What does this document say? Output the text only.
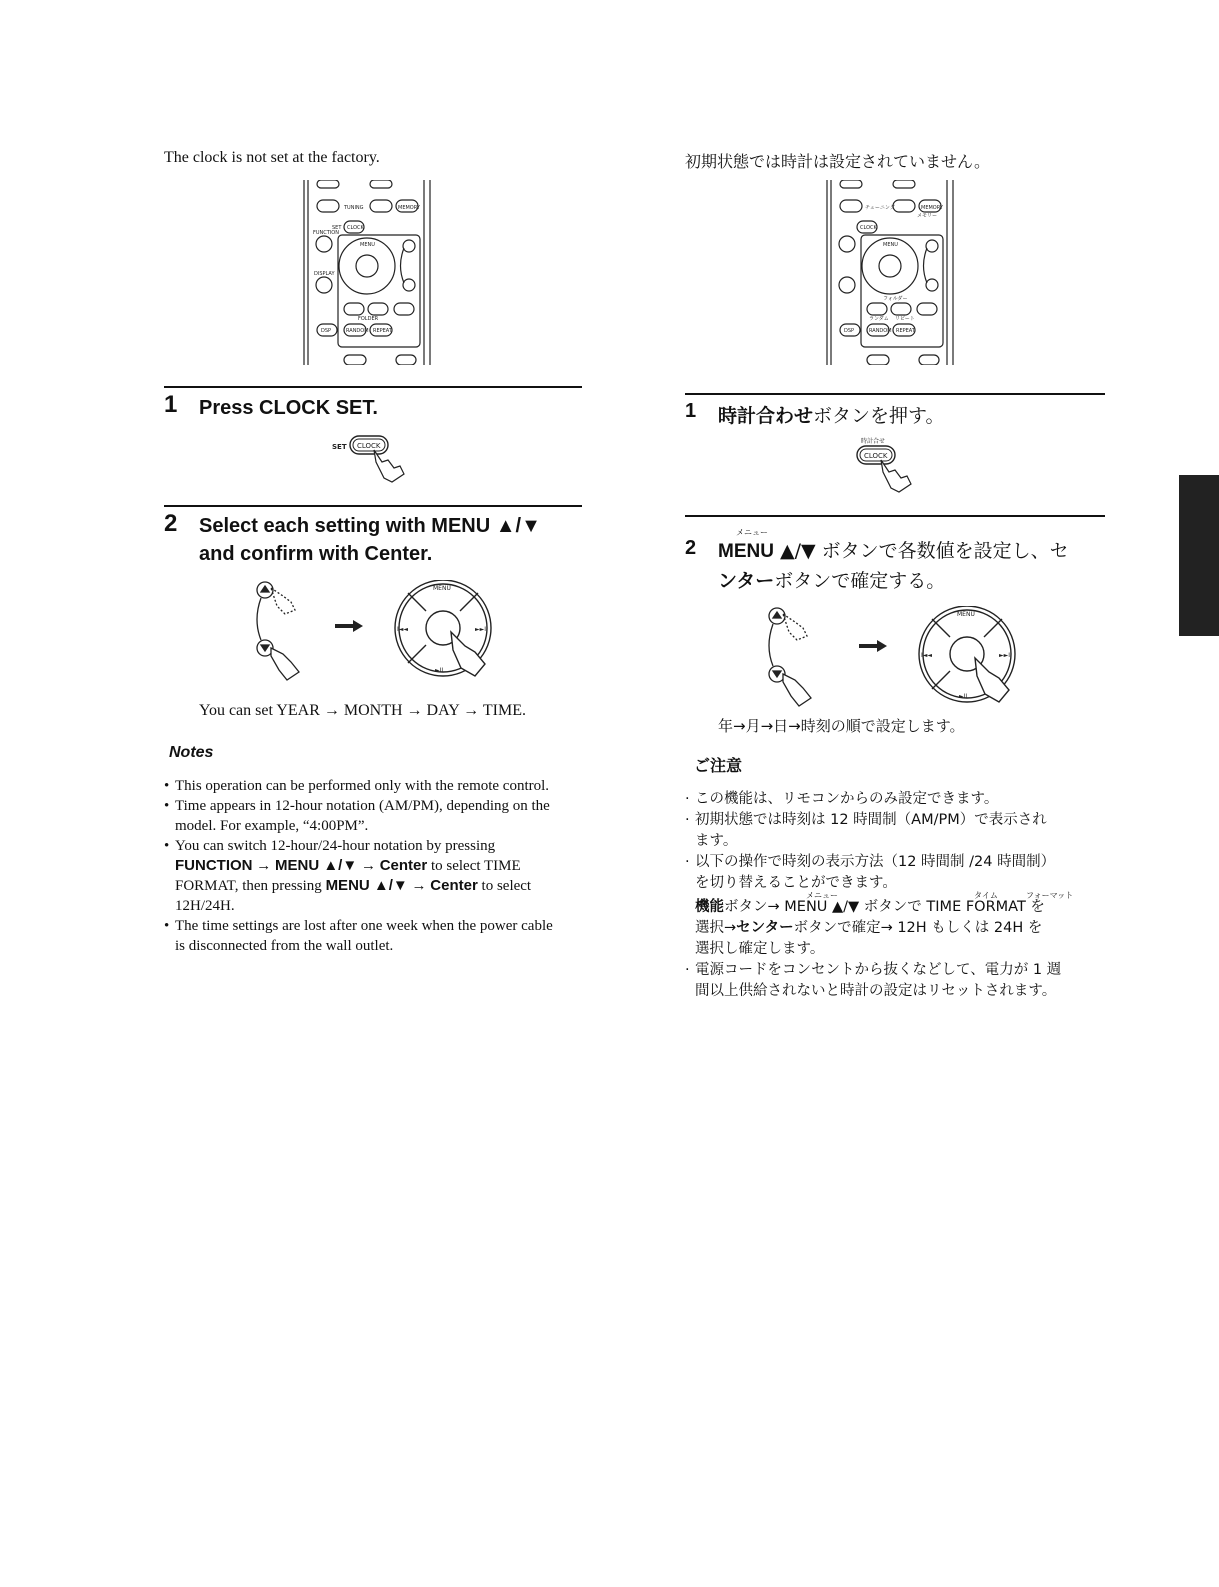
The clock is not set at the factory.
TUNING	MEMORY
SET CLOCK
FUNCTION
MENU
DISPLAY
FOLDER
DSP	RANDOM REPEAT
1 Press CLOCK SET.
SET CLOCK
2 Select each setting with MENU ▲/▼
and confirm with Center.
MENU
►II
I◄◄	►►I
You can set YEAR → MONTH → DAY → TIME.
Notes
• This operation can be performed only with the remote control.
• Time appears in 12-hour notation (AM/PM), depending on the
model. For example, “4:00PM”.
• You can switch 12-hour/24-hour notation by pressing
FUNCTION → MENU ▲/▼ → Center to select TIME
FORMAT, then pressing MENU ▲/▼ → Center to select
12H/24H.
• The time settings are lost after one week when the power cable
is disconnected from the wall outlet.
初期状態では時計は設定されていません。
チューニング	MEMORY
メモリー
CLOCK
MENU
フォルダー
ランダム リピート
DSP	RANDOM REPEAT
1 時計合わせボタンを押す。
時計合せ
CLOCK
2
メニュー
MENU ▲/▼ ボタンで各数値を設定し、セ
ンターボタンで確定する。
MENU
►II
I◄◄	►►I
年→月→日→時刻の順で設定します。
ご注意
· この機能は、リモコンからのみ設定できます。
· 初期状態では時刻は 12 時間制（AM/PM）で表示され
ます。
· 以下の操作で時刻の表示方法（12 時間制 /24 時間制）
を切り替えることができます。
メニュー	タイム	フォーマット
機能ボタン→ MENU ▲/▼ ボタンで TIME FORMAT を
選択→センターボタンで確定→ 12H もしくは 24H を
選択し確定します。
· 電源コードをコンセントから抜くなどして、電力が 1 週
間以上供給されないと時計の設定はリセットされます。
